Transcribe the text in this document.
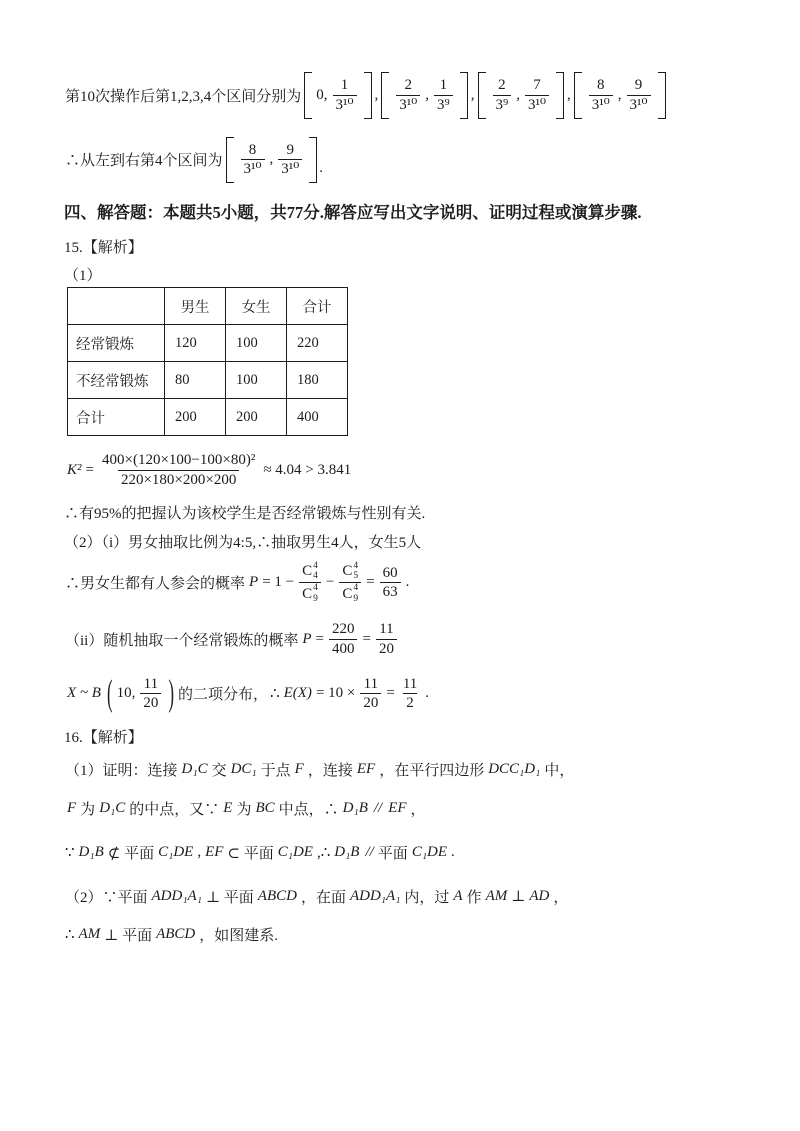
第10次操作后第1,2,3,4个区间分别为 0, $\frac{1}{\text{3¹⁰}}$ , $\frac{2}{\text{3¹⁰}}$ , $\frac{1}{\text{3⁹}}$ , $\frac{2}{\text{3⁹}}$ , $\frac{7}{\text{3¹⁰}}$ , $\frac{8}{\text{3¹⁰}}$ , $\frac{9}{\text{3¹⁰}}$
∴从左到右第4个区间为 $\frac{8}{\text{3¹⁰}}$ , $\frac{9}{\text{3¹⁰}}$ .
四、解答题：本题共5小题，共77分.解答应写出文字说明、证明过程或演算步骤.
15.【解析】
（1）
	男生	女生	合计
经常锻炼	120	100	220
不经常锻炼	80	100	180
合计	200	200	400
$K^2 = \frac{\text{400×(120×100−100×80)²}}{220\times 180\times 200\times 200} \approx 4.04 > 3.841$
∴有95%的把握认为该校学生是否经常锻炼与性别有关.
（2）（i）男女抽取比例为4:5,∴抽取男生4人，女生5人
∴男女生都有人参会的概率 P = 1 − C 4
4
C 4
9 − C 4
5
C 4
$9 = \frac{60}{63}$ .
（ii）随机抽取一个经常锻炼的概率 $P = \frac{220}{400} = \frac{11}{20}$
X ~ B ( 10, $\frac{11}{20}$ ) 的二项分布， ∴ $E(X) = 10 \times \frac{11}{20} = \frac{11}{2}$ .
16.【解析】
（1）证明：连接 D₁C 交 DC₁ 于点 F ，连接 EF ，在平行四边形 DCC₁D₁ 中，
F 为 D₁C 的中点，又∵ E 为 BC 中点，∴ D₁B // EF ，
∵ D₁B ⊄ 平面 C₁DE , EF ⊂ 平面 C₁DE ,∴ D₁B // 平面 C₁DE .
（2）∵平面 ADD₁A₁ ⊥ 平面 ABCD ，在面 ADD₁A₁ 内，过 A 作 AM ⊥ AD ，
∴ AM ⊥ 平面 ABCD ，如图建系.
